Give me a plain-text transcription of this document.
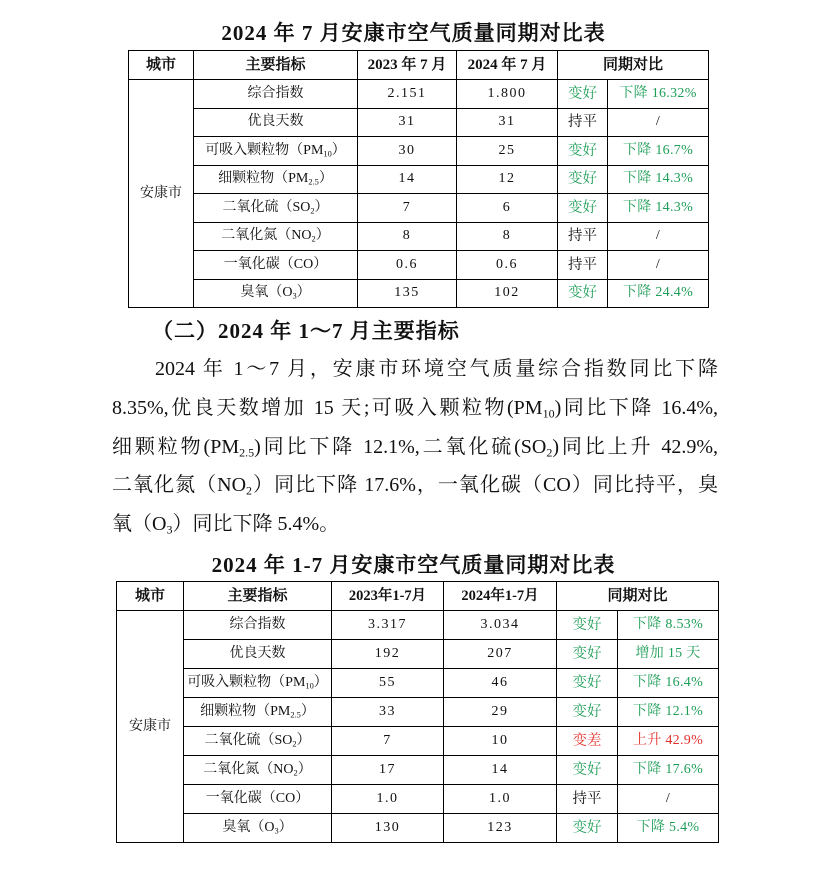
2024 年 7 月安康市空气质量同期对比表
城市	主要指标	2023 年 7 月	2024 年 7 月	同期对比	
安康市	综合指数	2.151	1.800	变好	下降 16.32%
	优良天数	31	31	持平	/
	可吸入颗粒物$(PM_{10})$	30	25	变好	下降 16.7%
	细颗粒物$(PM_{2.5})$	14	12	变好	下降 14.3%
	二氧化硫$(SO_2)$	7	6	变好	下降 14.3%
	二氧化氮$(NO_2)$	8	8	持平	/
	一氧化碳（CO）	0.6	0.6	持平	/
	臭氧$(O_3)$	135	102	变好	下降 24.4%
（二）2024 年 1～7 月主要指标
2024 年 1～7 月，安康市环境空气质量综合指数同比下降
8.35%,优良天数增加 15 天;可吸入颗粒物$(PM_{10})$同比下降 16.4%,
细颗粒物$(PM_{2.5})$同比下降 12.1%,二氧化硫$(SO_2)$同比上升 42.9%,
二氧化氮$(NO_2)$同比下降 17.6%，一氧化碳（CO）同比持平，臭
氧$(O_3)$同比下降 5.4%。
2024 年 1-7 月安康市空气质量同期对比表
城市	主要指标	2023年1-7月	2024年1-7月	同期对比	
安康市	综合指数	3.317	3.034	变好	下降 8.53%
	优良天数	192	207	变好	增加 15 天
	可吸入颗粒物$(PM_{10})$	55	46	变好	下降 16.4%
	细颗粒物$(PM_{2.5})$	33	29	变好	下降 12.1%
	二氧化硫$(SO_2)$	7	10	变差	上升 42.9%
	二氧化氮$(NO_2)$	17	14	变好	下降 17.6%
	一氧化碳（CO）	1.0	1.0	持平	/
	臭氧$(O_3)$	130	123	变好	下降 5.4%
